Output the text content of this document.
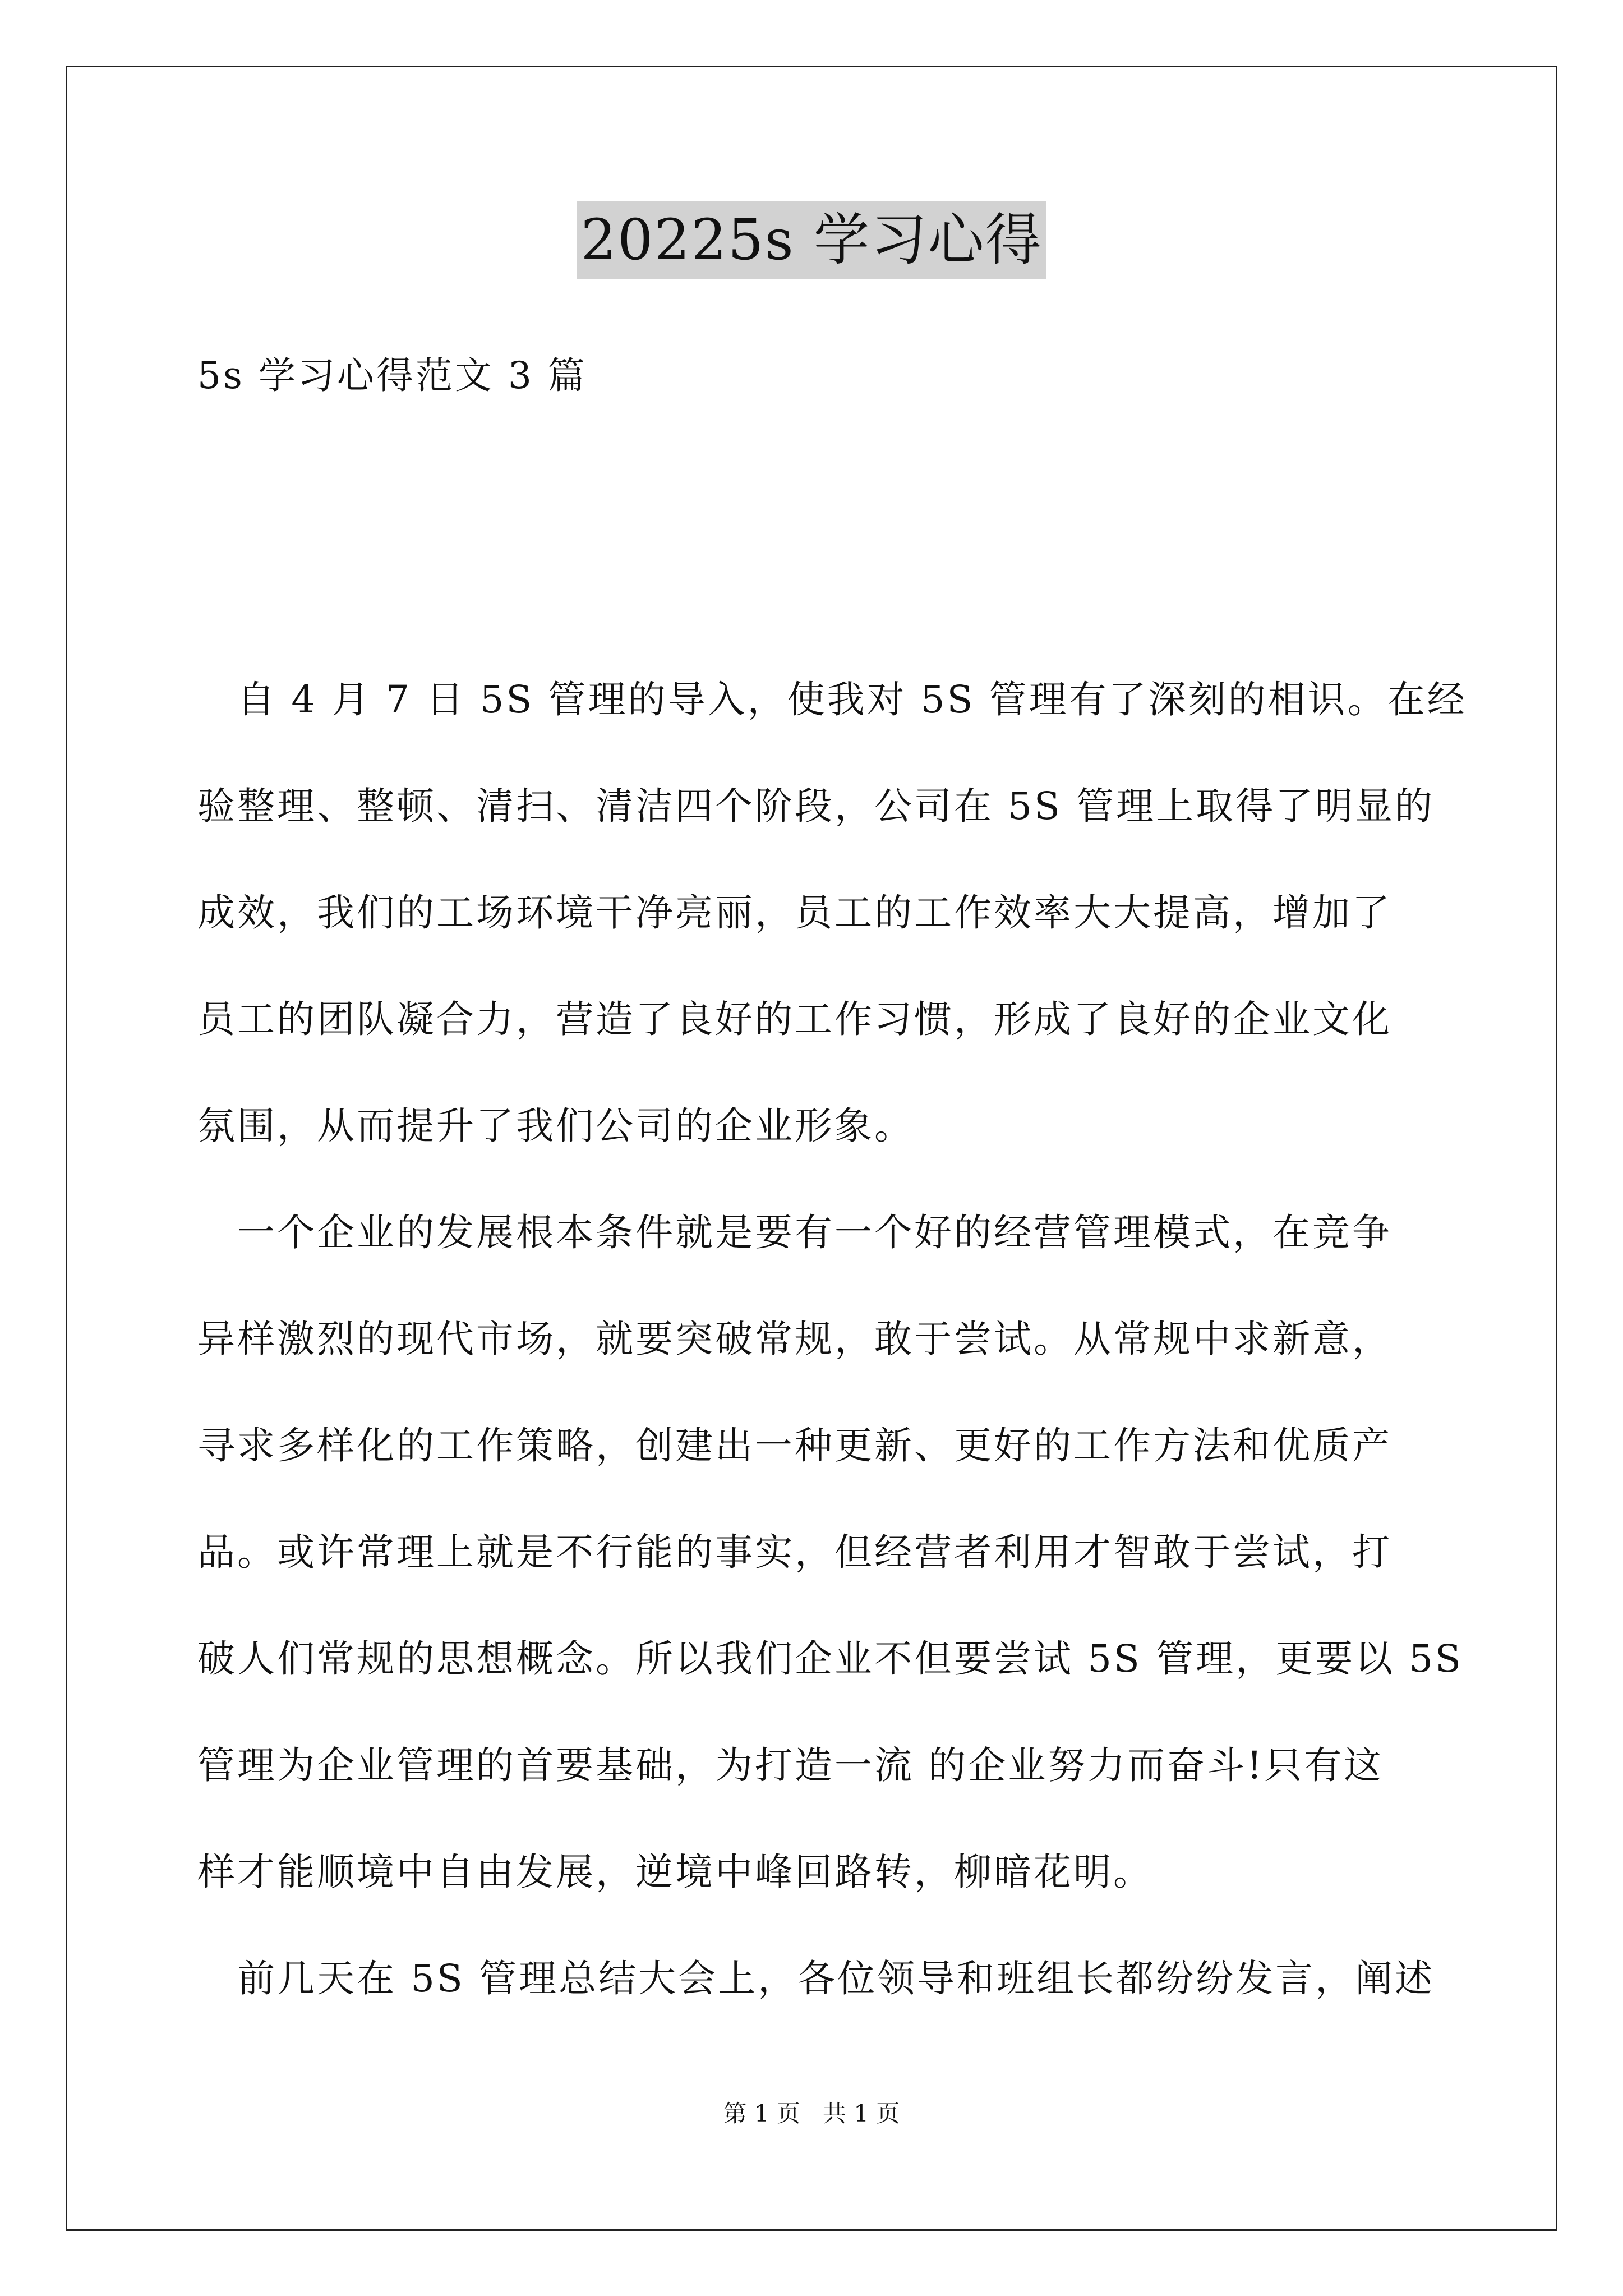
20225s 学习心得
5s 学习心得范文 3 篇
　自 4 月 7 日 5S 管理的导入，使我对 5S 管理有了深刻的相识。在经
验整理、整顿、清扫、清洁四个阶段，公司在 5S 管理上取得了明显的
成效，我们的工场环境干净亮丽，员工的工作效率大大提高，增加了
员工的团队凝合力，营造了良好的工作习惯，形成了良好的企业文化
氛围，从而提升了我们公司的企业形象。
　一个企业的发展根本条件就是要有一个好的经营管理模式，在竞争
异样激烈的现代市场，就要突破常规，敢于尝试。从常规中求新意，
寻求多样化的工作策略，创建出一种更新、更好的工作方法和优质产
品。或许常理上就是不行能的事实，但经营者利用才智敢于尝试，打
破人们常规的思想概念。所以我们企业不但要尝试 5S 管理，更要以 5S
管理为企业管理的首要基础，为打造一流 的企业努力而奋斗!只有这
样才能顺境中自由发展，逆境中峰回路转，柳暗花明。
　前几天在 5S 管理总结大会上，各位领导和班组长都纷纷发言，阐述
第 1 页 共 1 页
